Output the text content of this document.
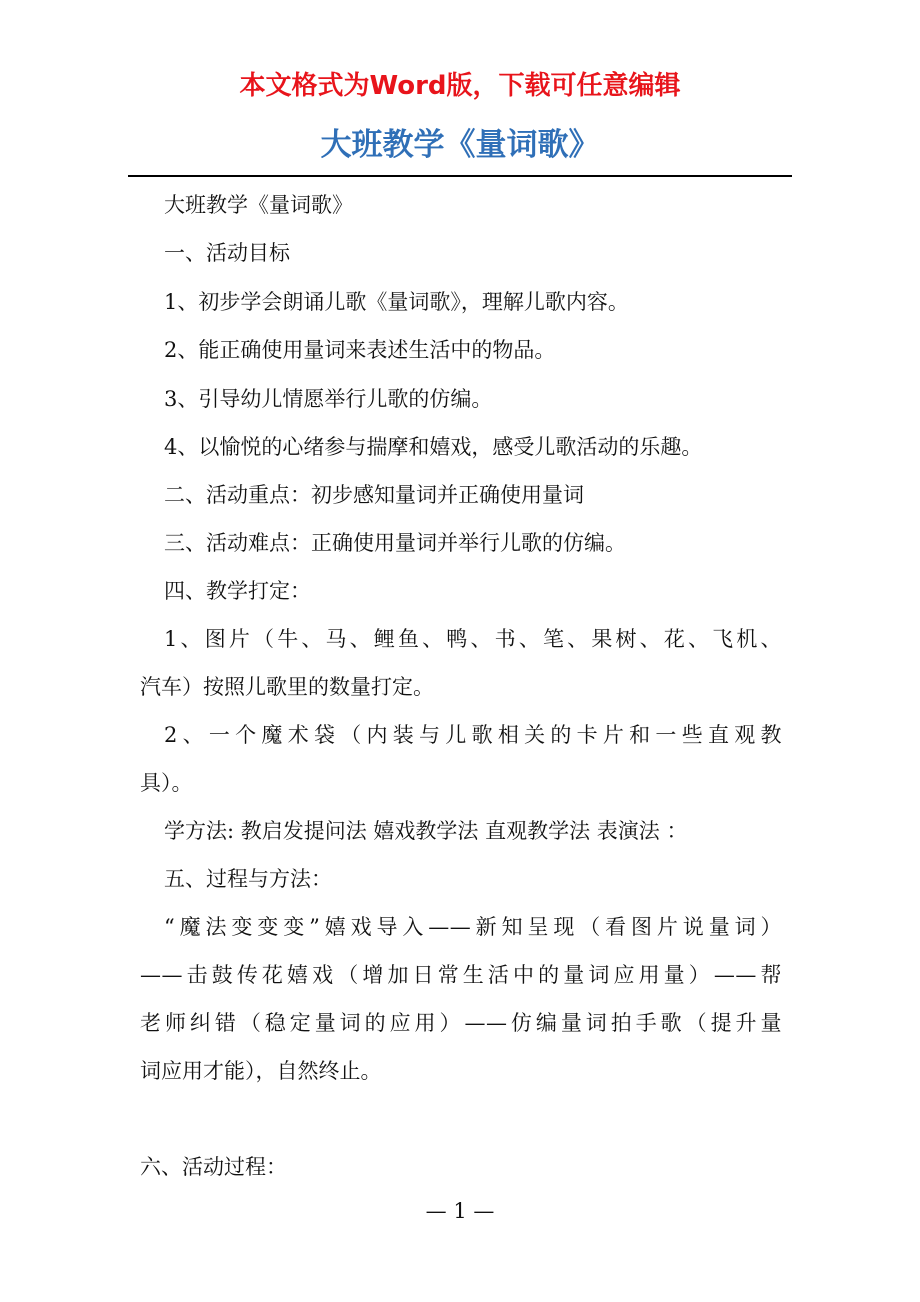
本文格式为Word版，下载可任意编辑
大班教学《量词歌》
大班教学《量词歌》
一、活动目标
1、初步学会朗诵儿歌《量词歌》，理解儿歌内容。
2、能正确使用量词来表述生活中的物品。
3、引导幼儿情愿举行儿歌的仿编。
4、以愉悦的心绪参与揣摩和嬉戏，感受儿歌活动的乐趣。
二、活动重点：初步感知量词并正确使用量词
三、活动难点：正确使用量词并举行儿歌的仿编。
四、教学打定：
1、图片（牛、马、鲤鱼、鸭、书、笔、果树、花、飞机、
汽车）按照儿歌里的数量打定。
2、一个魔术袋（内装与儿歌相关的卡片和一些直观教
具）。
学方法: 教启发提问法 嬉戏教学法 直观教学法 表演法 ：
五、过程与方法：
“魔法变变变”嬉戏导入——新知呈现（看图片说量词）
——击鼓传花嬉戏（增加日常生活中的量词应用量）——帮
老师纠错（稳定量词的应用）——仿编量词拍手歌（提升量
词应用才能），自然终止。
六、活动过程：
— 1 —
